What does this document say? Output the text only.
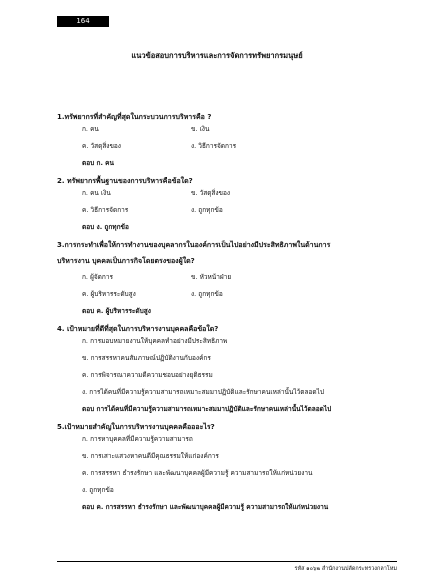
164
แนวข้อสอบการบริหารและการจัดการทรัพยากรมนุษย์
1.ทรัพยากรที่สำคัญที่สุดในกระบวนการบริหารคือ ?
ก. คน	ข. เงิน
ค. วัสดุสิ่งของ	ง. วิธีการจัดการ
ตอบ ก. คน
2. ทรัพยากรพื้นฐานของการบริหารคือข้อใด?
ก. คน เงิน	ข. วัสดุสิ่งของ
ค. วิธีการจัดการ	ง. ถูกทุกข้อ
ตอบ ง. ถูกทุกข้อ
3.การกระทำเพื่อให้การทำงานของบุคลากรในองค์การเป็นไปอย่างมีประสิทธิภาพในด้านการ
บริหารงาน บุคคลเป็นการกิจโดยตรงของผู้ใด?
ก. ผู้จัดการ	ข. หัวหน้าฝ่าย
ค. ผู้บริหารระดับสูง	ง. ถูกทุกข้อ
ตอบ ค. ผู้บริหารระดับสูง
4. เป้าหมายที่ดีที่สุดในการบริหารงานบุคคลคือข้อใด?
ก. การมอบหมายงานให้บุคคลทำอย่างมีประสิทธิภาพ
ข. การสรรหาคนสัมภาษณ์ปฏิบัติงานกับองค์กร
ค. การพิจารณาความดีความชอบอย่างยุติธรรม
ง. การได้คนที่มีความรู้ความสามารถเหมาะสมมาปฏิบัติและรักษาคนเหล่านั้นไว้ตลอดไป
ตอบ การได้คนที่มีความรู้ความสามารถเหมาะสมมาปฏิบัติและรักษาคนเหล่านั้นไว้ตลอดไป
5.เป้าหมายสำคัญในการบริหารงานบุคคลคือออะไร?
ก. การหาบุคคลที่มีความรู้ความสามารถ
ข. การเสาะแสวงหาคนดีมีคุณธรรมให้แก่องค์การ
ค. การสรรหา ธำรงรักษา และพัฒนาบุคคลผู้มีความรู้ ความสามารถให้แก่หน่วยงาน
ง. ถูกทุกข้อ
ตอบ ค. การสรรหา ธำรงรักษา และพัฒนาบุคคลผู้มีความรู้ ความสามารถให้แก่หน่วยงาน
รหัส ๑๐๖๒ สำนักงานปลัดกระทรวงกลาโหม
